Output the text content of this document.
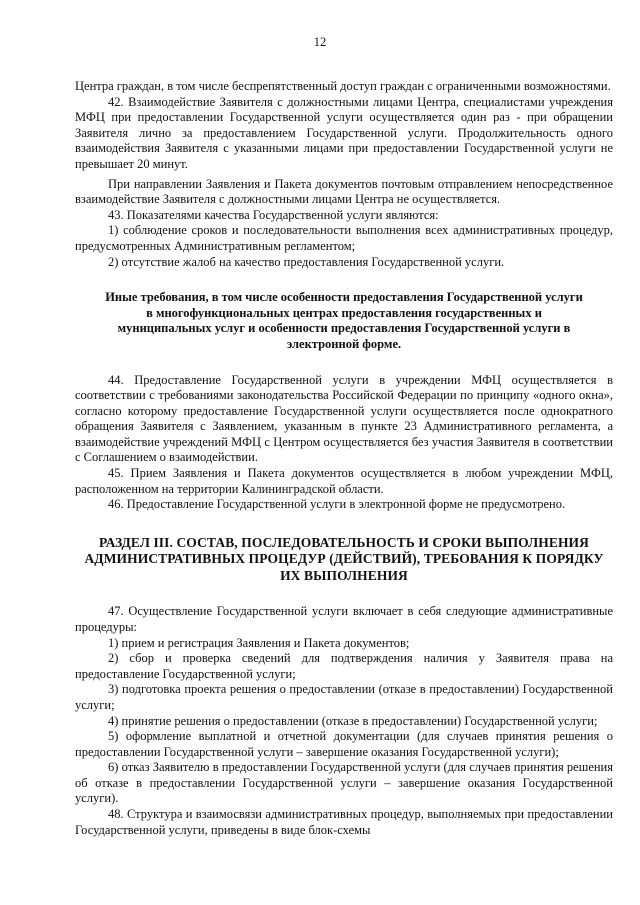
12

Центра граждан, в том числе беспрепятственный доступ граждан с ограниченными возможностями.

42. Взаимодействие Заявителя с должностными лицами Центра, специалистами учреждения МФЦ при предоставлении Государственной услуги осуществляется один раз - при обращении Заявителя лично за предоставлением Государственной услуги. Продолжительность одного взаимодействия Заявителя с указанными лицами при предоставлении Государственной услуги не превышает 20 минут.

При направлении Заявления и Пакета документов почтовым отправлением непосредственное взаимодействие Заявителя с должностными лицами Центра не осуществляется.

43. Показателями качества Государственной услуги являются:

1) соблюдение сроков и последовательности выполнения всех административных процедур, предусмотренных Административным регламентом;

2) отсутствие жалоб на качество предоставления Государственной услуги.

Иные требования, в том числе особенности предоставления Государственной услуги в многофункциональных центрах предоставления государственных и муниципальных услуг и особенности предоставления Государственной услуги в электронной форме.

44. Предоставление Государственной услуги в учреждении МФЦ осуществляется в соответствии с требованиями законодательства Российской Федерации по принципу «одного окна», согласно которому предоставление Государственной услуги осуществляется после однократного обращения Заявителя с Заявлением, указанным в пункте 23 Административного регламента, а взаимодействие учреждений МФЦ с Центром осуществляется без участия Заявителя в соответствии с Соглашением о взаимодействии.

45. Прием Заявления и Пакета документов осуществляется в любом учреждении МФЦ, расположенном на территории Калининградской области.

46. Предоставление Государственной услуги в электронной форме не предусмотрено.

РАЗДЕЛ III. СОСТАВ, ПОСЛЕДОВАТЕЛЬНОСТЬ И СРОКИ ВЫПОЛНЕНИЯ АДМИНИСТРАТИВНЫХ ПРОЦЕДУР (ДЕЙСТВИЙ), ТРЕБОВАНИЯ К ПОРЯДКУ ИХ ВЫПОЛНЕНИЯ

47. Осуществление Государственной услуги включает в себя следующие административные процедуры:

1) прием и регистрация Заявления и Пакета документов;

2) сбор и проверка сведений для подтверждения наличия у Заявителя права на предоставление Государственной услуги;

3) подготовка проекта решения о предоставлении (отказе в предоставлении) Государственной услуги;

4) принятие решения о предоставлении (отказе в предоставлении) Государственной услуги;

5) оформление выплатной и отчетной документации (для случаев принятия решения о предоставлении Государственной услуги – завершение оказания Государственной услуги);

6) отказ Заявителю в предоставлении Государственной услуги (для случаев принятия решения об отказе в предоставлении Государственной услуги – завершение оказания Государственной услуги).

48. Структура и взаимосвязи административных процедур, выполняемых при предоставлении Государственной услуги, приведены в виде блок-схемы
